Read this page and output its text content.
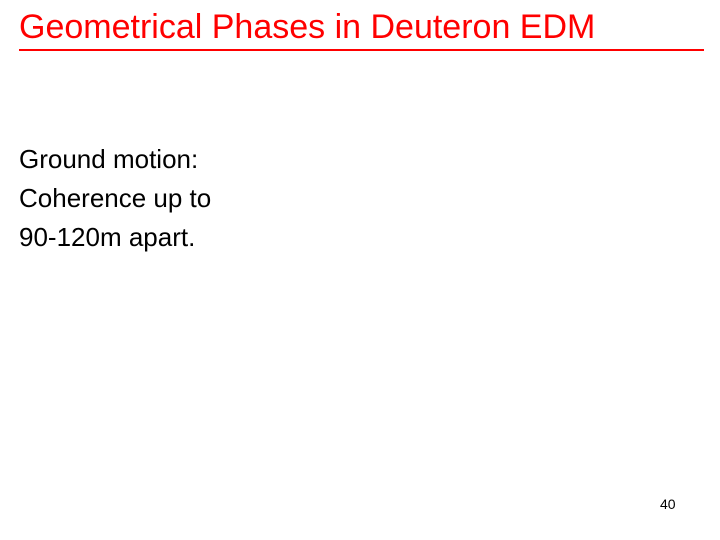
Geometrical Phases in Deuteron EDM
Ground motion:
Coherence up to
90-120m apart.
40
